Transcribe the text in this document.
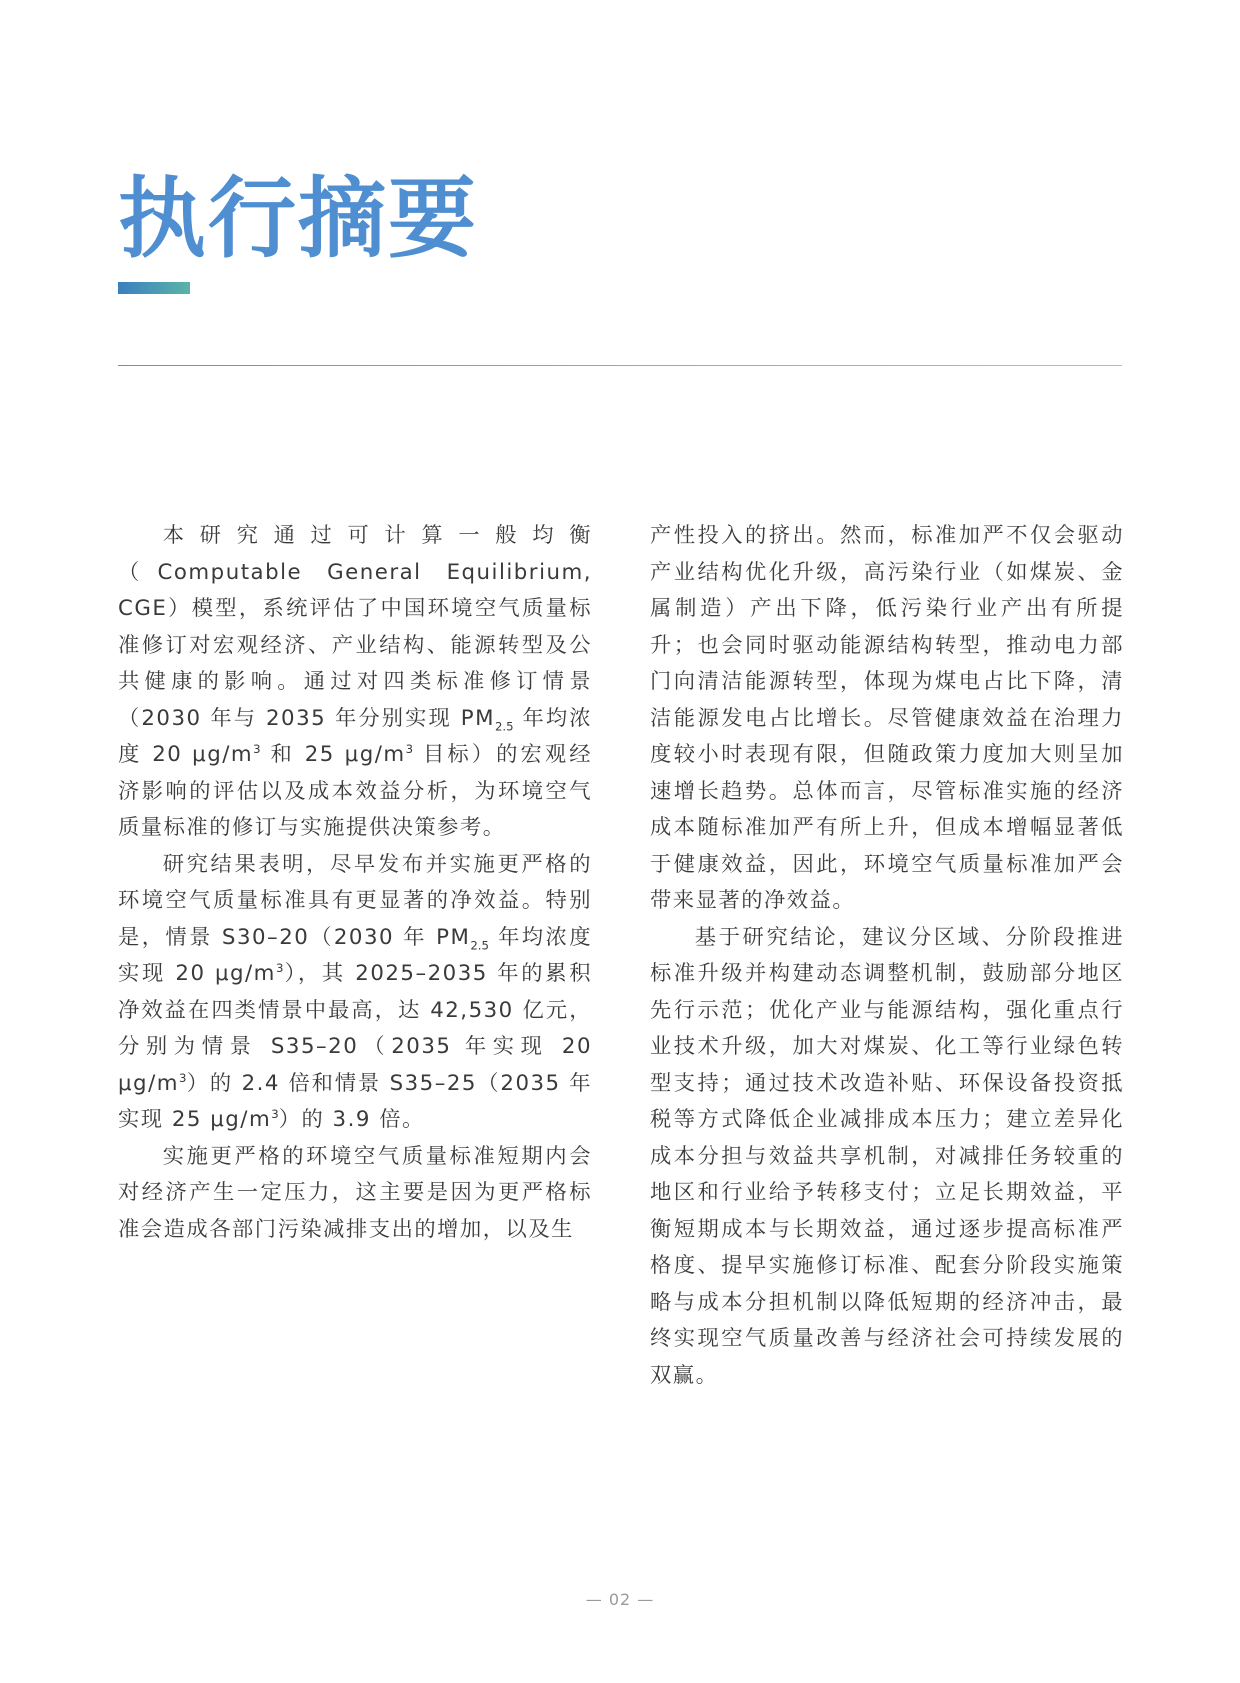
执行摘要

本研究通过可计算一般均衡（Computable General Equilibrium, CGE）模型，系统评估了中国环境空气质量标准修订对宏观经济、产业结构、能源转型及公共健康的影响。通过对四类标准修订情景（2030 年与 2035 年分别实现 $PM_{2.5}$ 年均浓度 20 $\mu g/m^3$ 和 25 $\mu g/m^3$ 目标）的宏观经济影响的评估以及成本效益分析，为环境空气质量标准的修订与实施提供决策参考。

研究结果表明，尽早发布并实施更严格的环境空气质量标准具有更显著的净效益。特别是，情景 S30–20（2030 年 $PM_{2.5}$ 年均浓度实现 20 $\mu g/m^3$），其 2025–2035 年的累积净效益在四类情景中最高，达 42,530 亿元，分别为情景 S35–20（2035 年实现 20 $\mu g/m^3$）的 2.4 倍和情景 S35–25（2035 年实现 25 $\mu g/m^3$）的 3.9 倍。

实施更严格的环境空气质量标准短期内会对经济产生一定压力，这主要是因为更严格标准会造成各部门污染减排支出的增加，以及生

产性投入的挤出。然而，标准加严不仅会驱动产业结构优化升级，高污染行业（如煤炭、金属制造）产出下降，低污染行业产出有所提升；也会同时驱动能源结构转型，推动电力部门向清洁能源转型，体现为煤电占比下降，清洁能源发电占比增长。尽管健康效益在治理力度较小时表现有限，但随政策力度加大则呈加速增长趋势。总体而言，尽管标准实施的经济成本随标准加严有所上升，但成本增幅显著低于健康效益，因此，环境空气质量标准加严会带来显著的净效益。

基于研究结论，建议分区域、分阶段推进标准升级并构建动态调整机制，鼓励部分地区先行示范；优化产业与能源结构，强化重点行业技术升级，加大对煤炭、化工等行业绿色转型支持；通过技术改造补贴、环保设备投资抵税等方式降低企业减排成本压力；建立差异化成本分担与效益共享机制，对减排任务较重的地区和行业给予转移支付；立足长期效益，平衡短期成本与长期效益，通过逐步提高标准严格度、提早实施修订标准、配套分阶段实施策略与成本分担机制以降低短期的经济冲击，最终实现空气质量改善与经济社会可持续发展的双赢。

— 02 —
